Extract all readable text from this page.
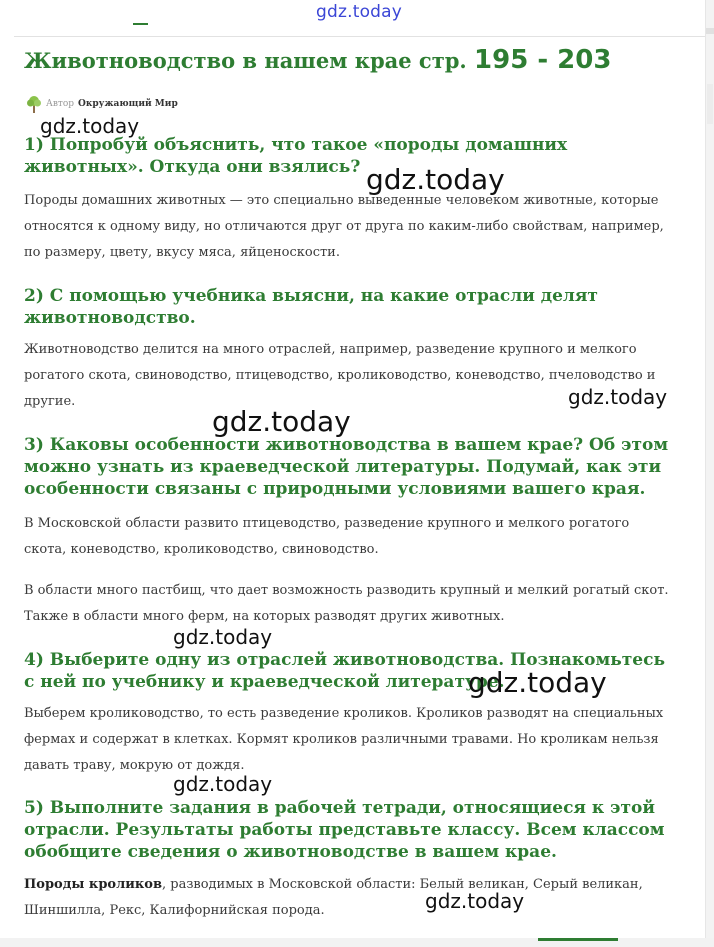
gdz.today
Животноводство в нашем крае стр. 195 - 203
Автор Окружающий Мир
1) Попробуй объяснить, что такое «породы домашних животных». Откуда они взялись?

Породы домашних животных — это специально выведенные человеком животные, которые относятся к одному виду, но отличаются друг от друга по каким-либо свойствам, например, по размеру, цвету, вкусу мяса, яйценоскости.

2) С помощью учебника выясни, на какие отрасли делят животноводство.

Животноводство делится на много отраслей, например, разведение крупного и мелкого рогатого скота, свиноводство, птицеводство, кролиководство, коневодство, пчеловодство и другие.

3) Каковы особенности животноводства в вашем крае? Об этом можно узнать из краеведческой литературы. Подумай, как эти особенности связаны с природными условиями вашего края.

В Московской области развито птицеводство, разведение крупного и мелкого рогатого скота, коневодство, кролиководство, свиноводство.

В области много пастбищ, что дает возможность разводить крупный и мелкий рогатый скот. Также в области много ферм, на которых разводят других животных.

4) Выберите одну из отраслей животноводства. Познакомьтесь с ней по учебнику и краеведческой литературе.

Выберем кролиководство, то есть разведение кроликов. Кроликов разводят на специальных фермах и содержат в клетках. Кормят кроликов различными травами. Но кроликам нельзя давать траву, мокрую от дождя.

5) Выполните задания в рабочей тетради, относящиеся к этой отрасли. Результаты работы представьте классу. Всем классом обобщите сведения о животноводстве в вашем крае.

Породы кроликов, разводимых в Московской области: Белый великан, Серый великан, Шиншилла, Рекс, Калифорнийская порода.

gdz.today
gdz.today
gdz.today
gdz.today
gdz.today
gdz.today
gdz.today
gdz.today
